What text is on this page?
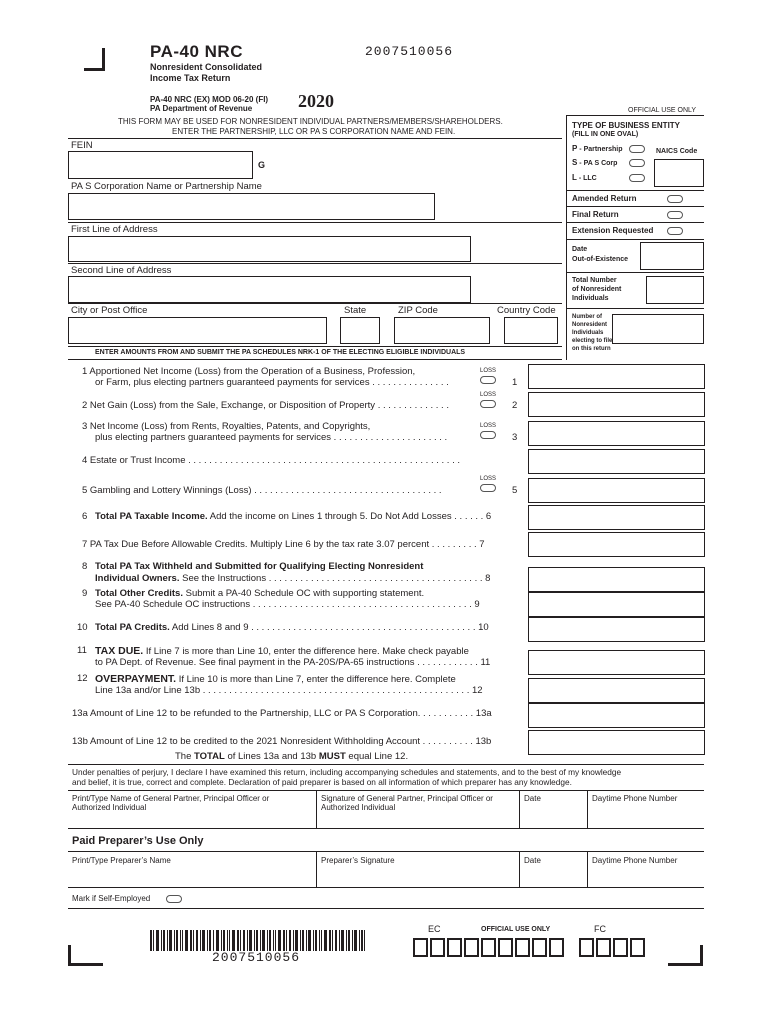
PA-40 NRC	2007510056
Nonresident Consolidated
Income Tax Return
PA-40 NRC (EX) MOD 06-20 (FI)
PA Department of Revenue	2020	OFFICIAL USE ONLY
THIS FORM MAY BE USED FOR NONRESIDENT INDIVIDUAL PARTNERS/MEMBERS/SHAREHOLDERS.
ENTER THE PARTNERSHIP, LLC OR PA S CORPORATION NAME AND FEIN.
FEIN
G
PA S Corporation Name or Partnership Name
First Line of Address
Second Line of Address
City or Post Office	State	ZIP Code	Country Code
ENTER AMOUNTS FROM AND SUBMIT THE PA SCHEDULES NRK-1 OF THE ELECTING ELIGIBLE INDIVIDUALS
TYPE OF BUSINESS ENTITY
(FILL IN ONE OVAL)
P - Partnership
S - PA S Corp
L - LLC
NAICS Code
Amended Return
Final Return
Extension Requested
Date
Out-of-Existence
Total Number
of Nonresident
Individuals
Number of
Nonresident
Individuals
electing to file
on this return
1 Apportioned Net Income (Loss) from the Operation of a Business, Profession,
or Farm, plus electing partners guaranteed payments for services . . . . . . . . . . . . . . .
LOSS
1
LOSS
2 Net Gain (Loss) from the Sale, Exchange, or Disposition of Property . . . . . . . . . . . . . .	2
3 Net Income (Loss) from Rents, Royalties, Patents, and Copyrights,
plus electing partners guaranteed payments for services . . . . . . . . . . . . . . . . . . . . . .
LOSS
3
4 Estate or Trust Income . . . . . . . . . . . . . . . . . . . . . . . . . . . . . . . . . . . . . . . . . . . . . . . . . . . .
LOSS
5 Gambling and Lottery Winnings (Loss) . . . . . . . . . . . . . . . . . . . . . . . . . . . . . . . . . . . .	5
6 Total PA Taxable Income. Add the income on Lines 1 through 5. Do Not Add Losses . . . . . . 6
7 PA Tax Due Before Allowable Credits. Multiply Line 6 by the tax rate 3.07 percent . . . . . . . . . 7
8 Total PA Tax Withheld and Submitted for Qualifying Electing Nonresident
Individual Owners. See the Instructions . . . . . . . . . . . . . . . . . . . . . . . . . . . . . . . . . . . . . . . . . 8
9 Total Other Credits. Submit a PA-40 Schedule OC with supporting statement.
See PA-40 Schedule OC instructions . . . . . . . . . . . . . . . . . . . . . . . . . . . . . . . . . . . . . . . . . . 9
10 Total PA Credits. Add Lines 8 and 9 . . . . . . . . . . . . . . . . . . . . . . . . . . . . . . . . . . . . . . . . . . . 10
11 TAX DUE. If Line 7 is more than Line 10, enter the difference here. Make check payable
to PA Dept. of Revenue. See final payment in the PA-20S/PA-65 instructions . . . . . . . . . . . . 11
12 OVERPAYMENT. If Line 10 is more than Line 7, enter the difference here. Complete
Line 13a and/or Line 13b . . . . . . . . . . . . . . . . . . . . . . . . . . . . . . . . . . . . . . . . . . . . . . . . . . . 12
13a Amount of Line 12 to be refunded to the Partnership, LLC or PA S Corporation. . . . . . . . . . . 13a
13b Amount of Line 12 to be credited to the 2021 Nonresident Withholding Account . . . . . . . . . . 13b
The TOTAL of Lines 13a and 13b MUST equal Line 12.
Under penalties of perjury, I declare I have examined this return, including accompanying schedules and statements, and to the best of my knowledge
and belief, it is true, correct and complete. Declaration of paid preparer is based on all information of which preparer has any knowledge.
Print/Type Name of General Partner, Principal Officer or
Authorized Individual
Signature of General Partner, Principal Officer or
Authorized Individual
Date	Daytime Phone Number
Paid Preparer’s Use Only
Print/Type Preparer’s Name	Preparer’s Signature	Date	Daytime Phone Number
Mark if Self-Employed
2007510056
EC	OFFICIAL USE ONLY	FC
